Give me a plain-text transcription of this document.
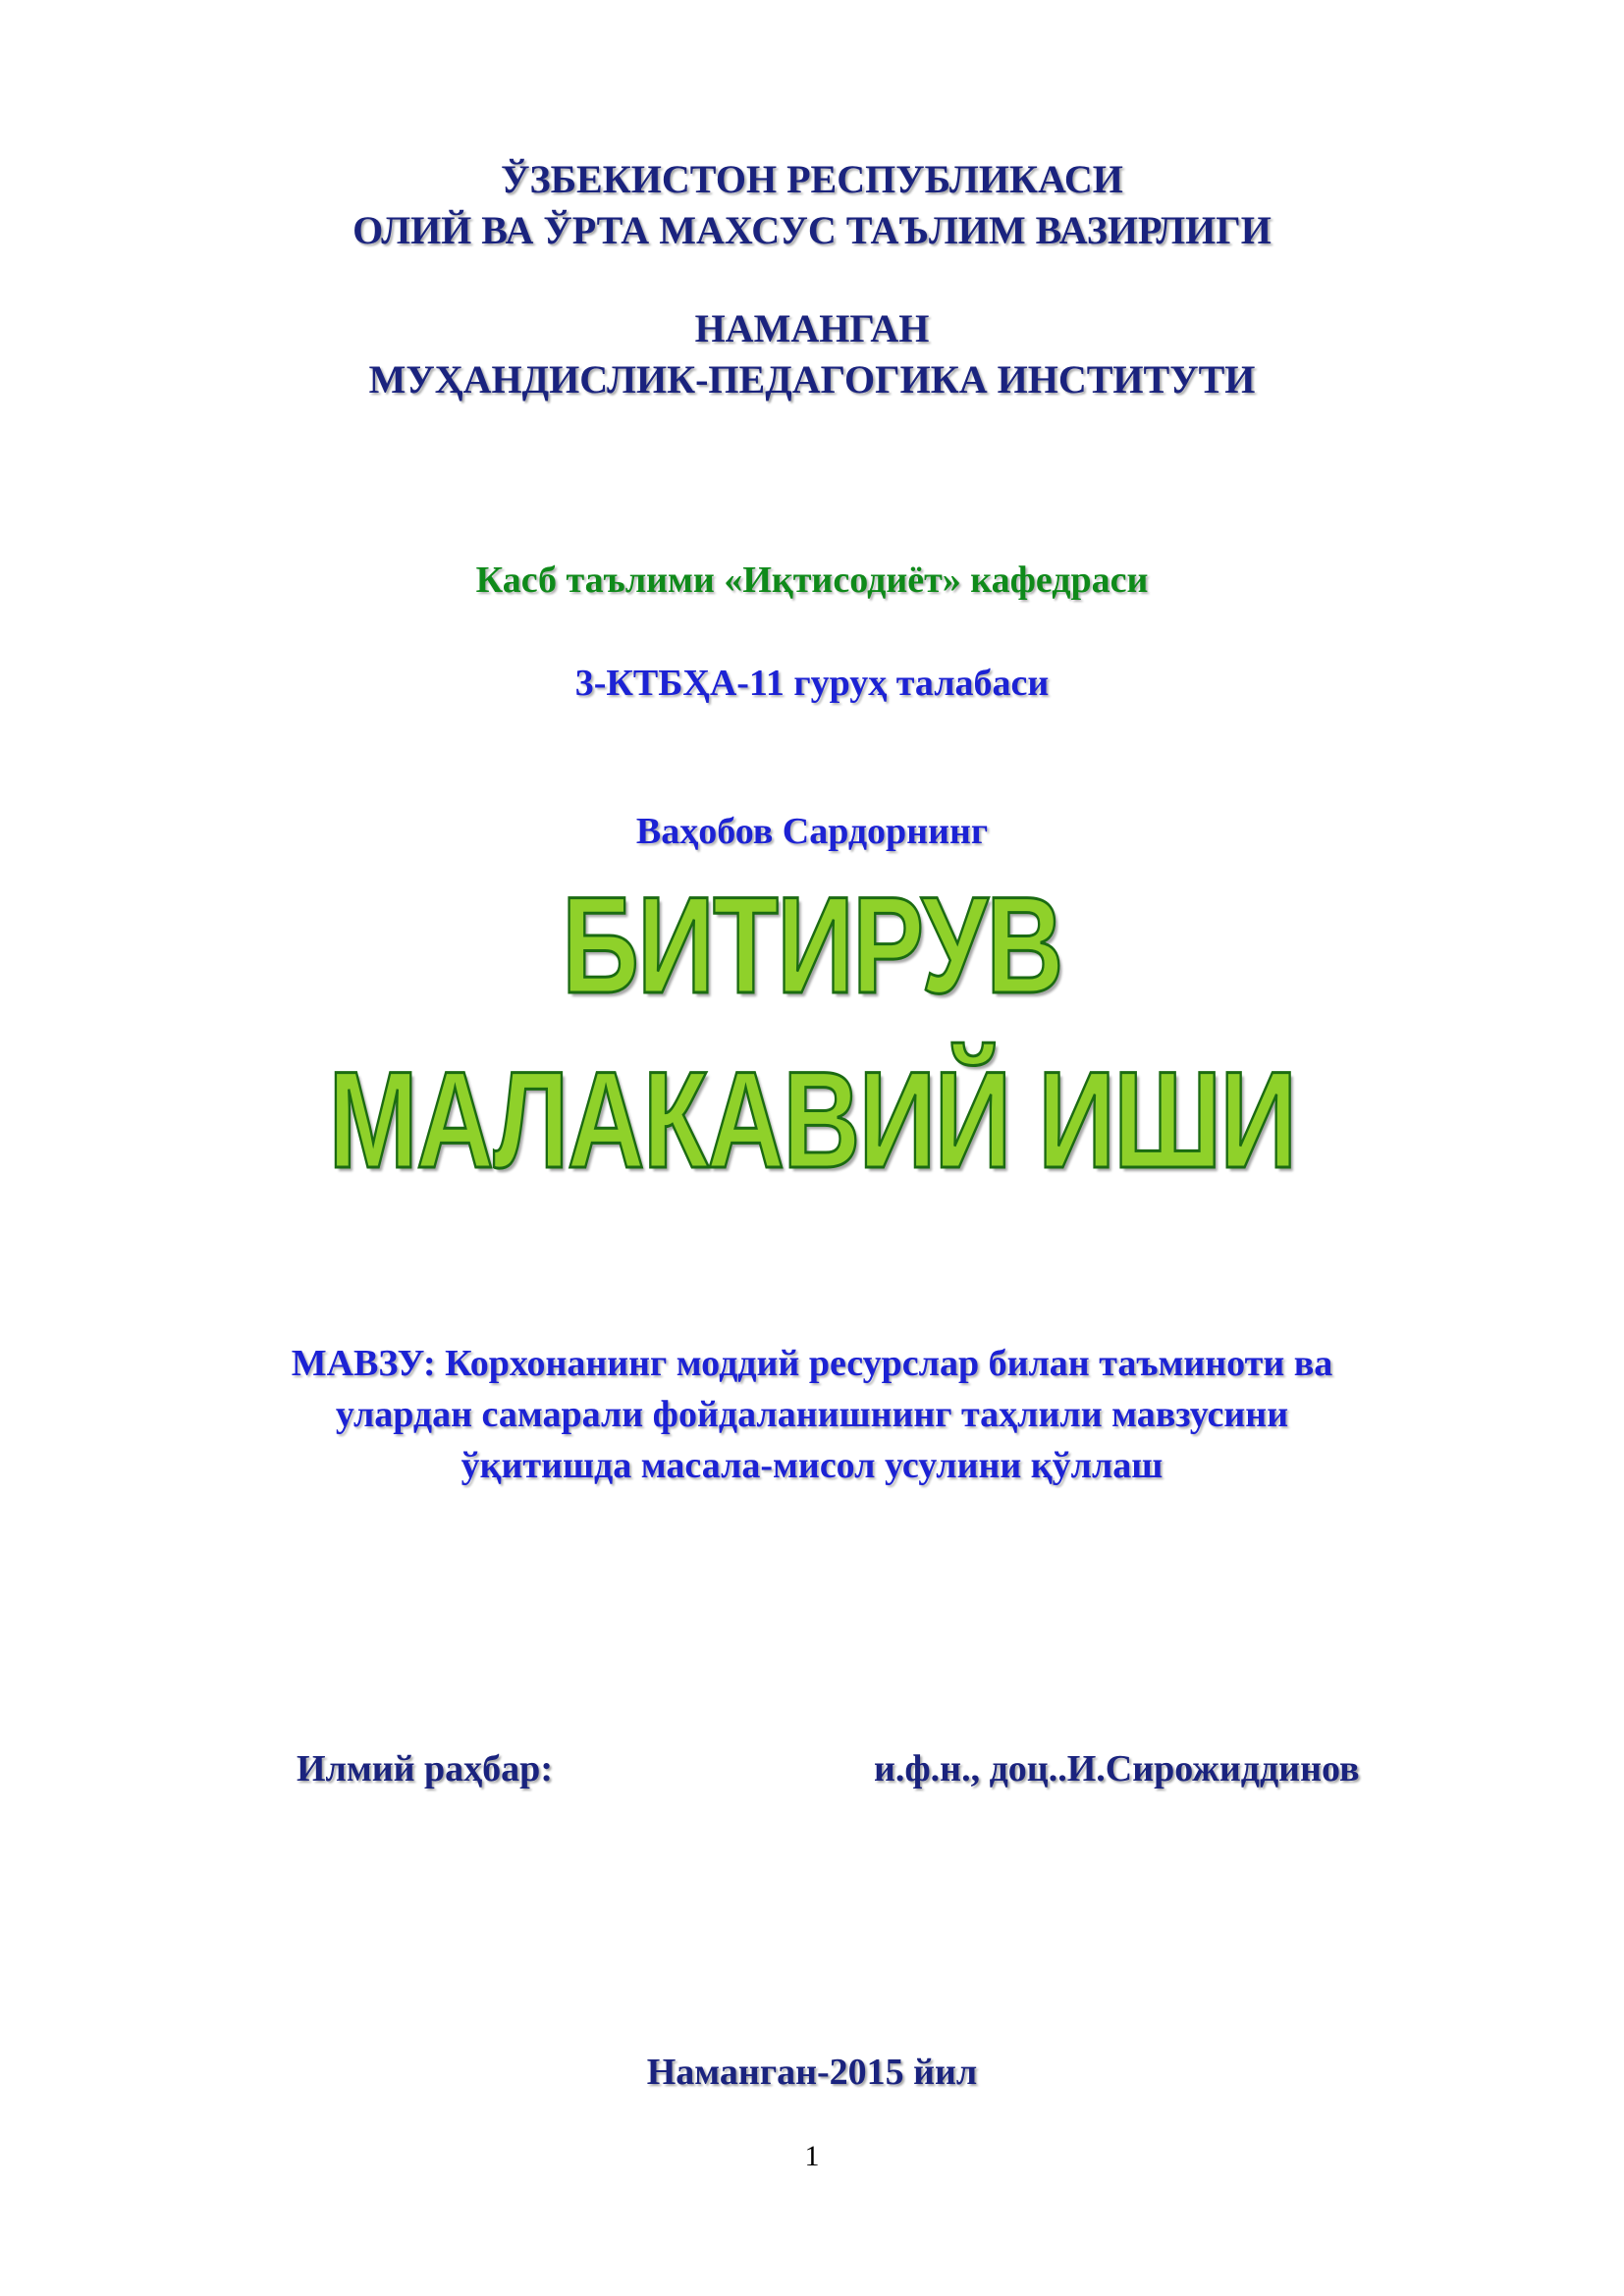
ЎЗБЕКИСТОН РЕСПУБЛИКАСИ
ОЛИЙ ВА ЎРТА МАХСУС ТАЪЛИМ ВАЗИРЛИГИ
НАМАНГАН
МУҲАНДИСЛИК-ПЕДАГОГИКА ИНСТИТУТИ
Касб таълими «Иқтисодиёт» кафедраси
3-КТБҲА-11 гуруҳ талабаси
Ваҳобов Сардорнинг
БИТИРУВ
МАЛАКАВИЙ ИШИ
МАВЗУ: Корхонанинг моддий ресурслар билан таъминоти ва
улардан самарали фойдаланишнинг таҳлили мавзусини
ўқитишда масала-мисол усулини қўллаш
Илмий раҳбар:	и.ф.н., доц..И.Сирожиддинов
Наманган-2015 йил
1
